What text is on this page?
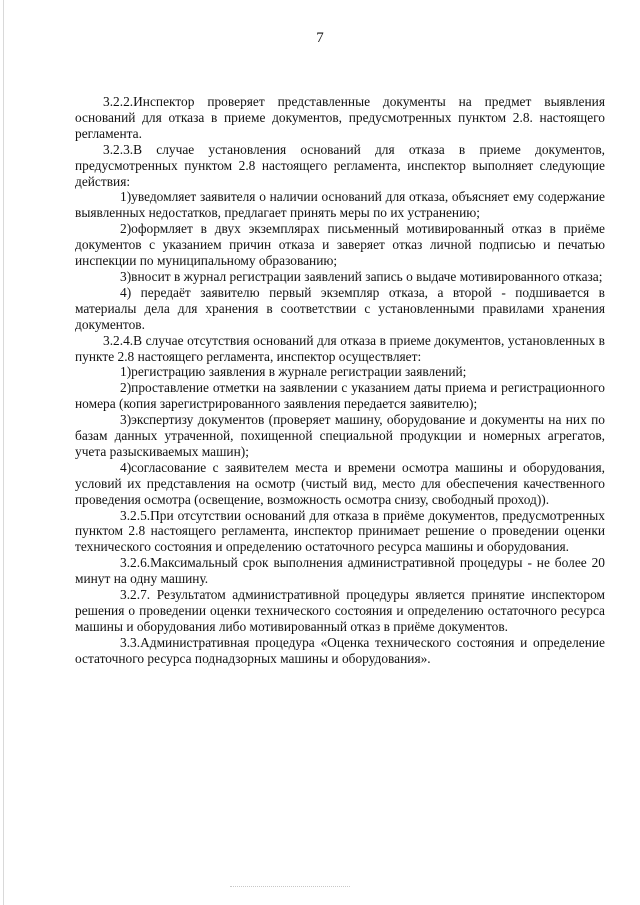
7

3.2.2.Инспектор проверяет представленные документы на предмет выявления оснований для отказа в приеме документов, предусмотренных пунктом 2.8. настоящего регламента.

3.2.3.В случае установления оснований для отказа в приеме документов, предусмотренных пунктом 2.8 настоящего регламента, инспектор выполняет следующие действия:

1)уведомляет заявителя о наличии оснований для отказа, объясняет ему содержание выявленных недостатков, предлагает принять меры по их устранению;

2)оформляет в двух экземплярах письменный мотивированный отказ в приёме документов с указанием причин отказа и заверяет отказ личной подписью и печатью инспекции по муниципальному образованию;

3)вносит в журнал регистрации заявлений запись о выдаче мотивированного отказа;

4) передаёт заявителю первый экземпляр отказа, а второй - подшивается в материалы дела для хранения в соответствии с установленными правилами хранения документов.

3.2.4.В случае отсутствия оснований для отказа в приеме документов, установленных в пункте 2.8 настоящего регламента, инспектор осуществляет:

1)регистрацию заявления в журнале регистрации заявлений;

2)проставление отметки на заявлении с указанием даты приема и регистрационного номера (копия зарегистрированного заявления передается заявителю);

3)экспертизу документов (проверяет машину, оборудование и документы на них по базам данных утраченной, похищенной специальной продукции и номерных агрегатов, учета разыскиваемых машин);

4)согласование с заявителем места и времени осмотра машины и оборудования, условий их представления на осмотр (чистый вид, место для обеспечения качественного проведения осмотра (освещение, возможность осмотра снизу, свободный проход)).

3.2.5.При отсутствии оснований для отказа в приёме документов, предусмотренных пунктом 2.8 настоящего регламента, инспектор принимает решение о проведении оценки технического состояния и определению остаточного ресурса машины и оборудования.

3.2.6.Максимальный срок выполнения административной процедуры - не более 20 минут на одну машину.

3.2.7. Результатом административной процедуры является принятие инспектором решения о проведении оценки технического состояния и определению остаточного ресурса машины и оборудования либо мотивированный отказ в приёме документов.

3.3.Административная процедура «Оценка технического состояния и определение остаточного ресурса поднадзорных машины и оборудования».
